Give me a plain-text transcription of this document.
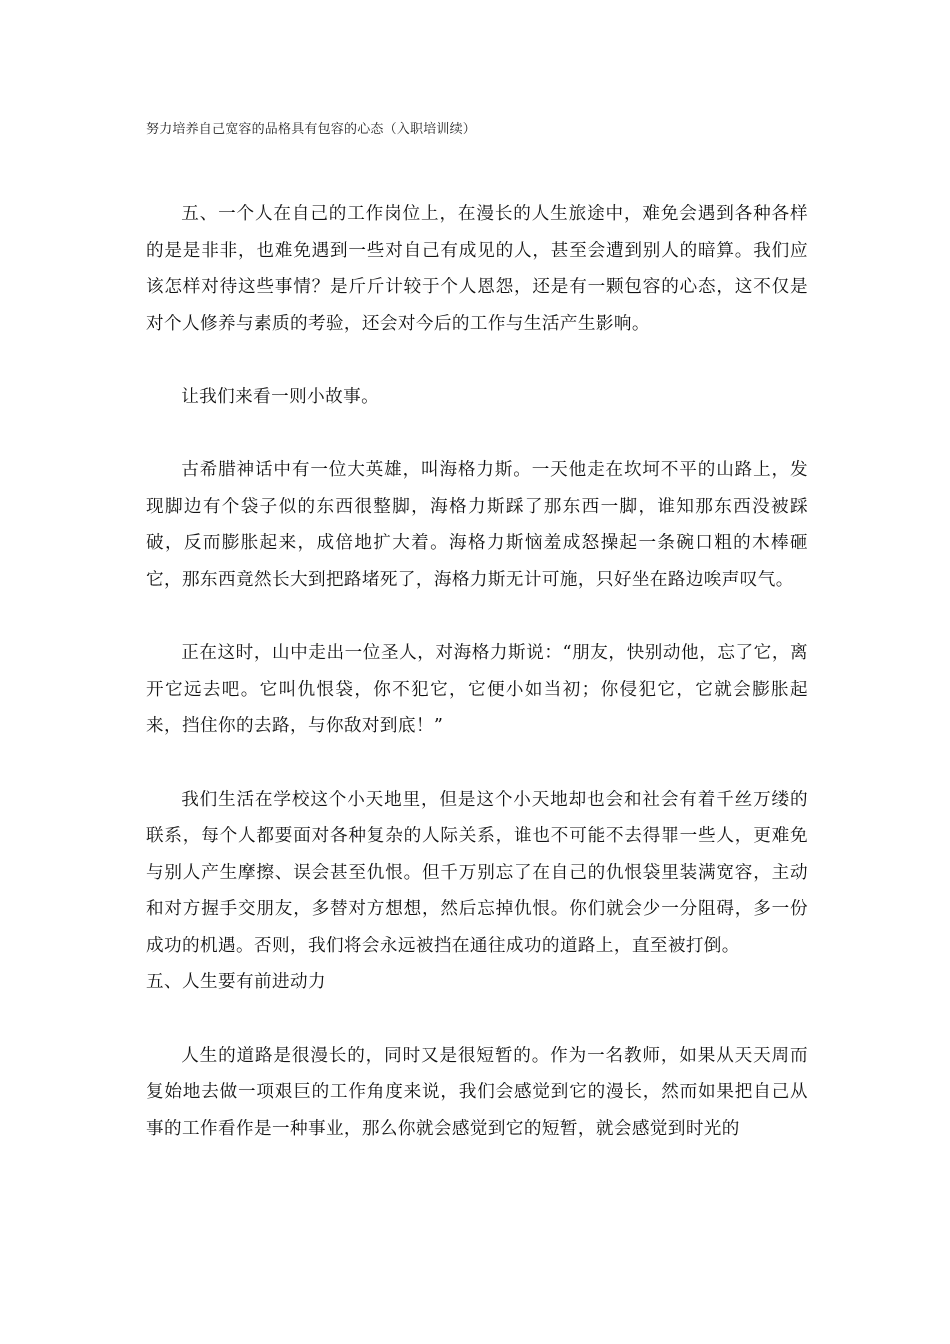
努力培养自己宽容的品格具有包容的心态（入职培训续）

五、一个人在自己的工作岗位上，在漫长的人生旅途中，难免会遇到各种各样的是是非非，也难免遇到一些对自己有成见的人，甚至会遭到别人的暗算。我们应该怎样对待这些事情？是斤斤计较于个人恩怨，还是有一颗包容的心态，这不仅是对个人修养与素质的考验，还会对今后的工作与生活产生影响。

让我们来看一则小故事。

古希腊神话中有一位大英雄，叫海格力斯。一天他走在坎坷不平的山路上，发现脚边有个袋子似的东西很整脚，海格力斯踩了那东西一脚，谁知那东西没被踩破，反而膨胀起来，成倍地扩大着。海格力斯恼羞成怒操起一条碗口粗的木棒砸它，那东西竟然长大到把路堵死了，海格力斯无计可施，只好坐在路边唉声叹气。

正在这时，山中走出一位圣人，对海格力斯说：“朋友，快别动他，忘了它，离开它远去吧。它叫仇恨袋，你不犯它，它便小如当初；你侵犯它，它就会膨胀起来，挡住你的去路，与你敌对到底！”

我们生活在学校这个小天地里，但是这个小天地却也会和社会有着千丝万缕的联系，每个人都要面对各种复杂的人际关系，谁也不可能不去得罪一些人，更难免与别人产生摩擦、误会甚至仇恨。但千万别忘了在自己的仇恨袋里装满宽容，主动和对方握手交朋友，多替对方想想，然后忘掉仇恨。你们就会少一分阻碍，多一份成功的机遇。否则，我们将会永远被挡在通往成功的道路上，直至被打倒。

五、人生要有前进动力

人生的道路是很漫长的，同时又是很短暂的。作为一名教师，如果从天天周而复始地去做一项艰巨的工作角度来说，我们会感觉到它的漫长，然而如果把自己从事的工作看作是一种事业，那么你就会感觉到它的短暂，就会感觉到时光的
